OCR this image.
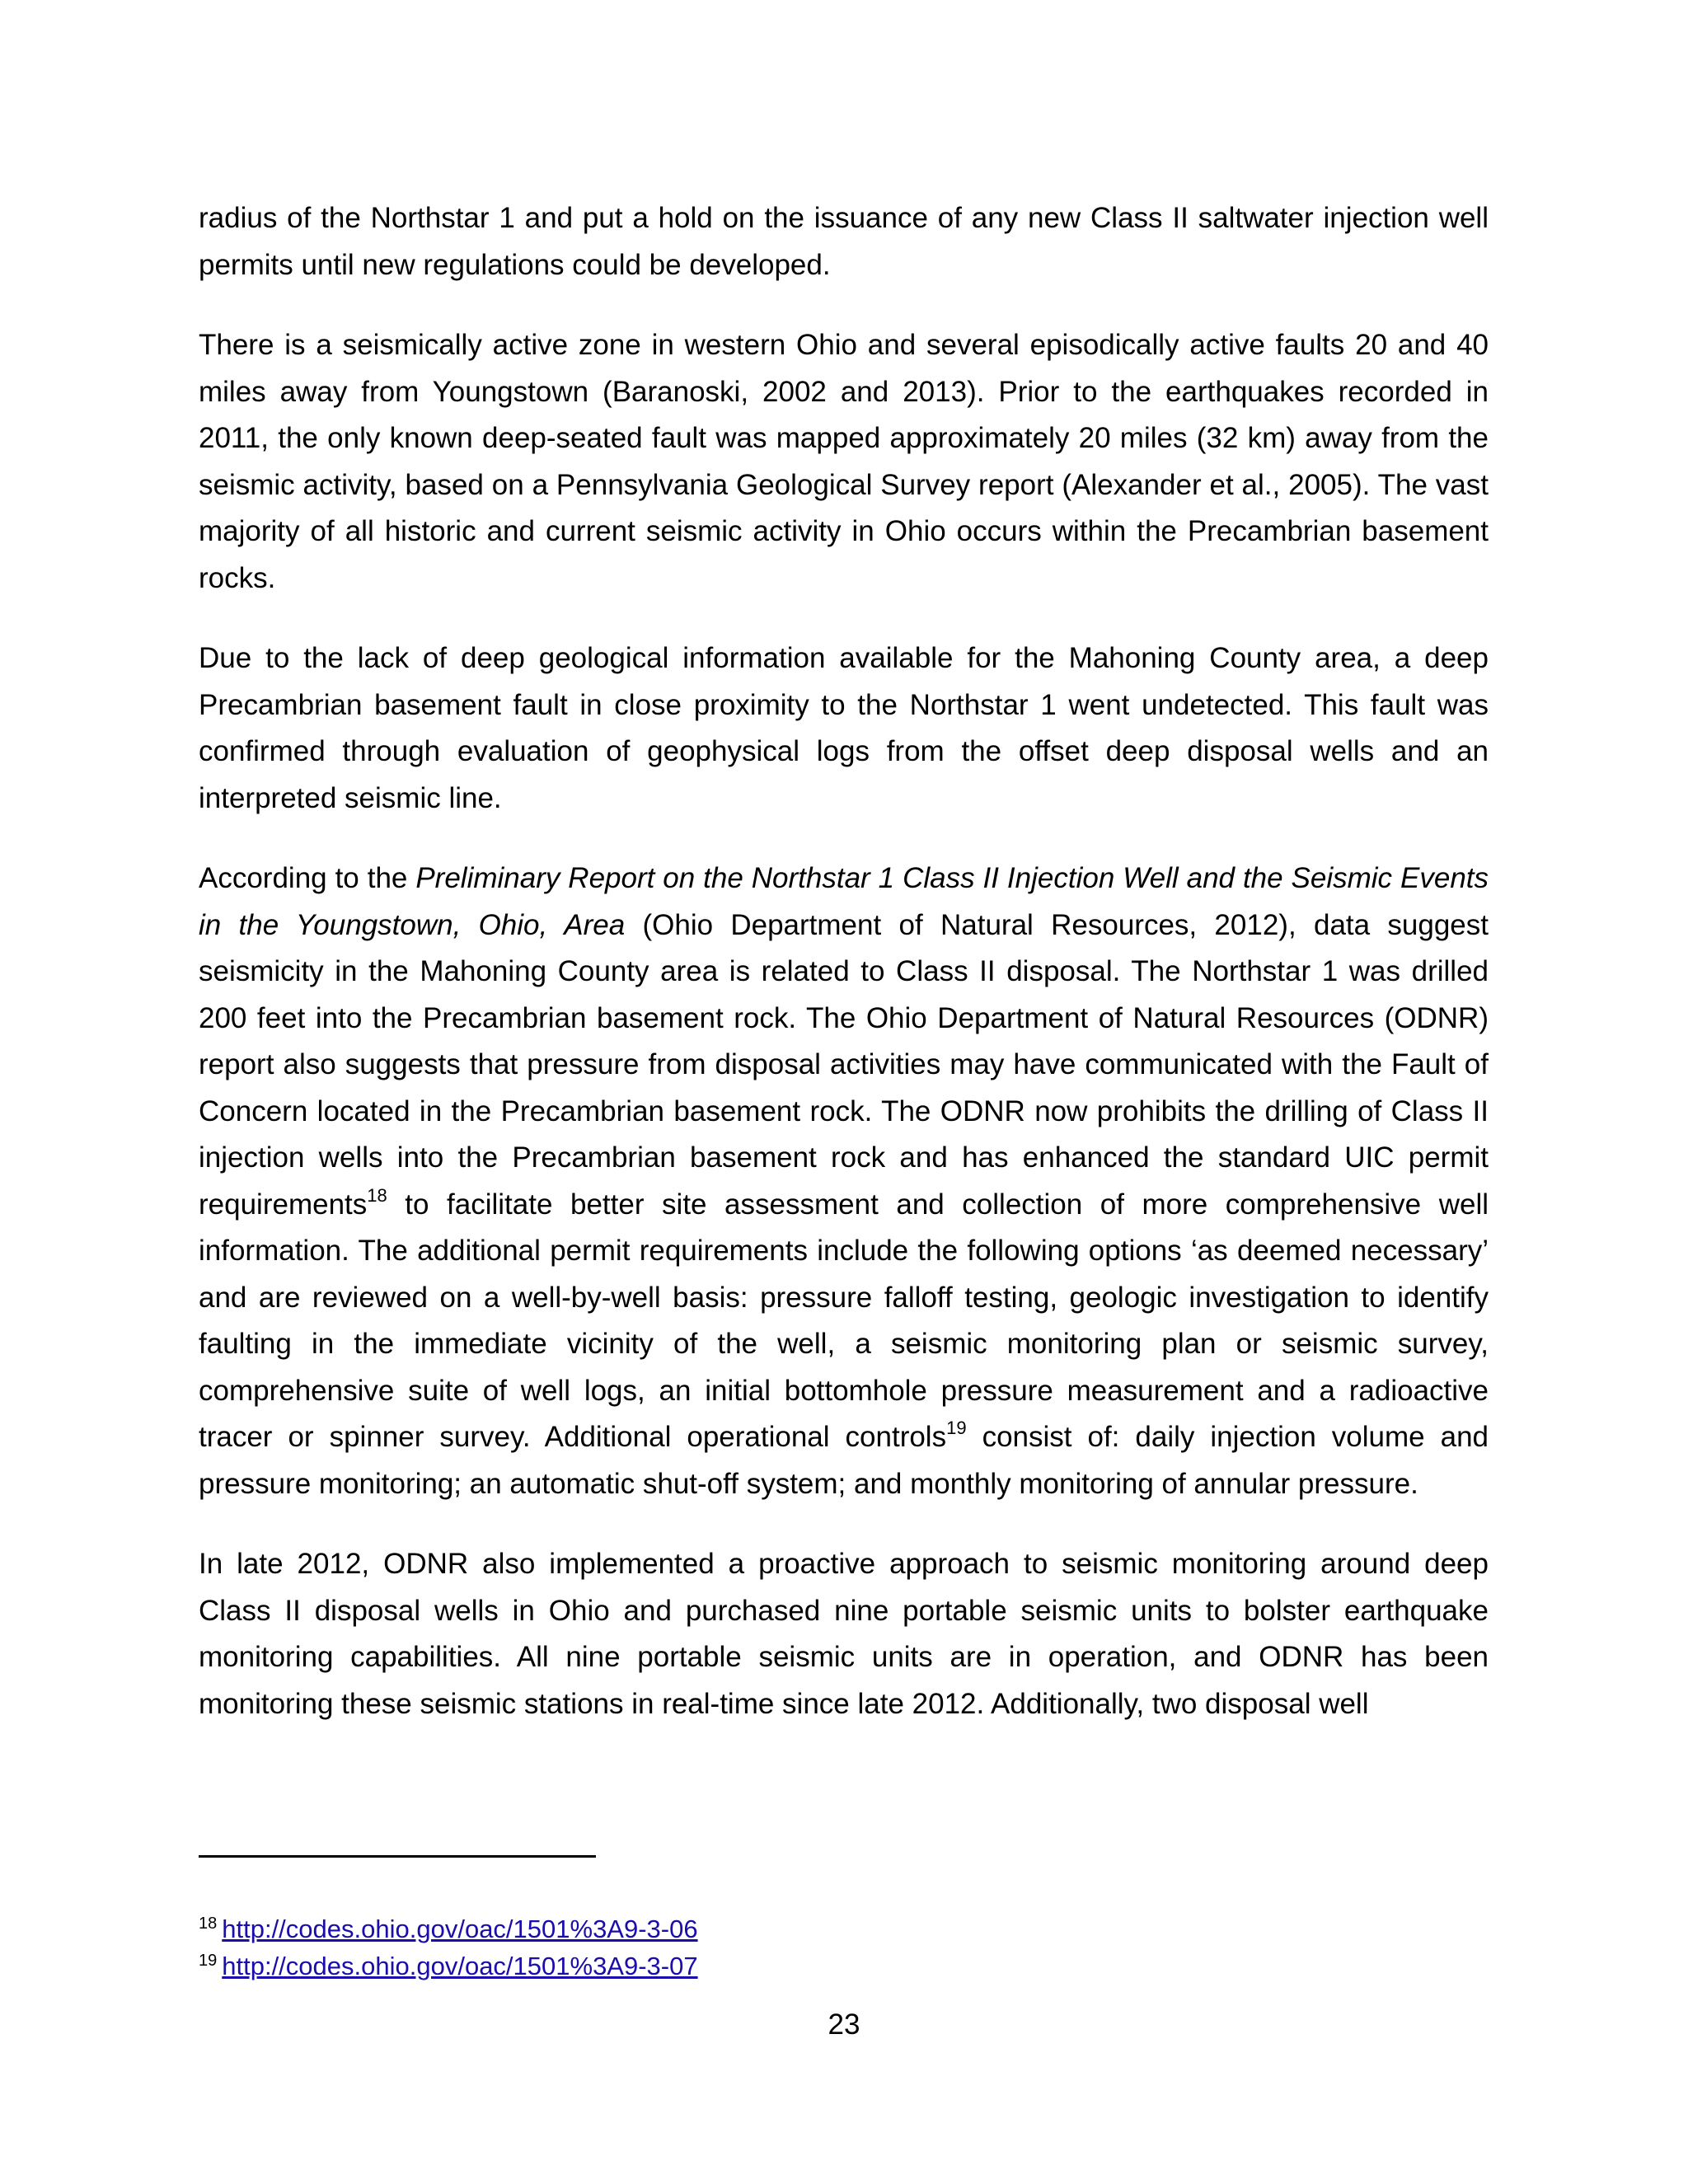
radius of the Northstar 1 and put a hold on the issuance of any new Class II saltwater injection well permits until new regulations could be developed.

There is a seismically active zone in western Ohio and several episodically active faults 20 and 40 miles away from Youngstown (Baranoski, 2002 and 2013). Prior to the earthquakes recorded in 2011, the only known deep-seated fault was mapped approximately 20 miles (32 km) away from the seismic activity, based on a Pennsylvania Geological Survey report (Alexander et al., 2005). The vast majority of all historic and current seismic activity in Ohio occurs within the Precambrian basement rocks.

Due to the lack of deep geological information available for the Mahoning County area, a deep Precambrian basement fault in close proximity to the Northstar 1 went undetected. This fault was confirmed through evaluation of geophysical logs from the offset deep disposal wells and an interpreted seismic line.

According to the Preliminary Report on the Northstar 1 Class II Injection Well and the Seismic Events in the Youngstown, Ohio, Area (Ohio Department of Natural Resources, 2012), data suggest seismicity in the Mahoning County area is related to Class II disposal. The Northstar 1 was drilled 200 feet into the Precambrian basement rock. The Ohio Department of Natural Resources (ODNR) report also suggests that pressure from disposal activities may have communicated with the Fault of Concern located in the Precambrian basement rock. The ODNR now prohibits the drilling of Class II injection wells into the Precambrian basement rock and has enhanced the standard UIC permit requirements$^{18}$ to facilitate better site assessment and collection of more comprehensive well information. The additional permit requirements include the following options ‘as deemed necessary’ and are reviewed on a well-by-well basis: pressure falloff testing, geologic investigation to identify faulting in the immediate vicinity of the well, a seismic monitoring plan or seismic survey, comprehensive suite of well logs, an initial bottomhole pressure measurement and a radioactive tracer or spinner survey. Additional operational controls$^{19}$ consist of: daily injection volume and pressure monitoring; an automatic shut-off system; and monthly monitoring of annular pressure.

In late 2012, ODNR also implemented a proactive approach to seismic monitoring around deep Class II disposal wells in Ohio and purchased nine portable seismic units to bolster earthquake monitoring capabilities. All nine portable seismic units are in operation, and ODNR has been monitoring these seismic stations in real-time since late 2012. Additionally, two disposal well

$^{18}$ http://codes.ohio.gov/oac/1501%3A9-3-06
$^{19}$ http://codes.ohio.gov/oac/1501%3A9-3-07
23
